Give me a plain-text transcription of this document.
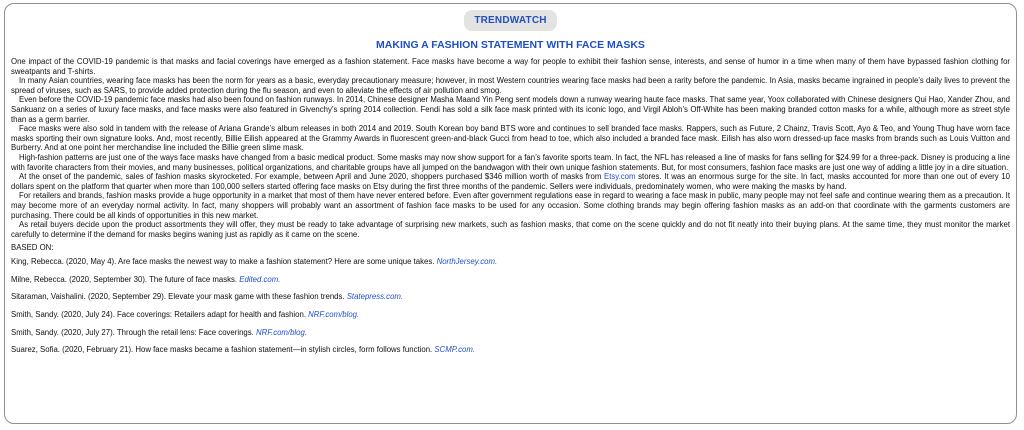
TRENDWATCH
MAKING A FASHION STATEMENT WITH FACE MASKS

One impact of the COVID-19 pandemic is that masks and facial coverings have emerged as a fashion statement. Face masks have become a way for people to exhibit their fashion sense, interests, and sense of humor in a time when many of them have bypassed fashion clothing for sweatpants and T-shirts.

In many Asian countries, wearing face masks has been the norm for years as a basic, everyday precautionary measure; however, in most Western countries wearing face masks had been a rarity before the pandemic. In Asia, masks became ingrained in people’s daily lives to prevent the spread of viruses, such as SARS, to provide added protection during the flu season, and even to alleviate the effects of air pollution and smog.

Even before the COVID-19 pandemic face masks had also been found on fashion runways. In 2014, Chinese designer Masha Maand Yin Peng sent models down a runway wearing haute face masks. That same year, Yoox collaborated with Chinese designers Qui Hao, Xander Zhou, and Sankuanz on a series of luxury face masks, and face masks were also featured in Givenchy’s spring 2014 collection. Fendi has sold a silk face mask printed with its iconic logo, and Virgil Abloh’s Off-White has been making branded cotton masks for a while, although more as street style than as a germ barrier.

Face masks were also sold in tandem with the release of Ariana Grande’s album releases in both 2014 and 2019. South Korean boy band BTS wore and continues to sell branded face masks. Rappers, such as Future, 2 Chainz, Travis Scott, Ayo & Teo, and Young Thug have worn face masks sporting their own signature looks. And, most recently, Billie Eilish appeared at the Grammy Awards in fluorescent green-and-black Gucci from head to toe, which also included a branded face mask. Eilish has also worn dressed-up face masks from brands such as Louis Vuitton and Burberry. And at one point her merchandise line included the Billie green slime mask.

High-fashion patterns are just one of the ways face masks have changed from a basic medical product. Some masks may now show support for a fan’s favorite sports team. In fact, the NFL has released a line of masks for fans selling for $24.99 for a three-pack. Disney is producing a line with favorite characters from their movies, and many businesses, political organizations, and charitable groups have all jumped on the bandwagon with their own unique fashion statements. But, for most consumers, fashion face masks are just one way of adding a little joy in a dire situation.

At the onset of the pandemic, sales of fashion masks skyrocketed. For example, between April and June 2020, shoppers purchased $346 million worth of masks from Etsy.com stores. It was an enormous surge for the site. In fact, masks accounted for more than one out of every 10 dollars spent on the platform that quarter when more than 100,000 sellers started offering face masks on Etsy during the first three months of the pandemic. Sellers were individuals, predominately women, who were making the masks by hand.

For retailers and brands, fashion masks provide a huge opportunity in a market that most of them have never entered before. Even after government regulations ease in regard to wearing a face mask in public, many people may not feel safe and continue wearing them as a precaution. It may become more of an everyday normal activity. In fact, many shoppers will probably want an assortment of fashion face masks to be used for any occasion. Some clothing brands may begin offering fashion masks as an add-on that coordinate with the garments customers are purchasing. There could be all kinds of opportunities in this new market.

As retail buyers decide upon the product assortments they will offer, they must be ready to take advantage of surprising new markets, such as fashion masks, that come on the scene quickly and do not fit neatly into their buying plans. At the same time, they must monitor the market carefully to determine if the demand for masks begins waning just as rapidly as it came on the scene.

BASED ON:

King, Rebecca. (2020, May 4). Are face masks the newest way to make a fashion statement? Here are some unique takes. NorthJersey.com.

Milne, Rebecca. (2020, September 30). The future of face masks. Edited.com.

Sitaraman, Vaishalini. (2020, September 29). Elevate your mask game with these fashion trends. Statepress.com.

Smith, Sandy. (2020, July 24). Face coverings: Retailers adapt for health and fashion. NRF.com/blog.

Smith, Sandy. (2020, July 27). Through the retail lens: Face coverings. NRF.com/blog.

Suarez, Sofia. (2020, February 21). How face masks became a fashion statement—in stylish circles, form follows function. SCMP.com.
